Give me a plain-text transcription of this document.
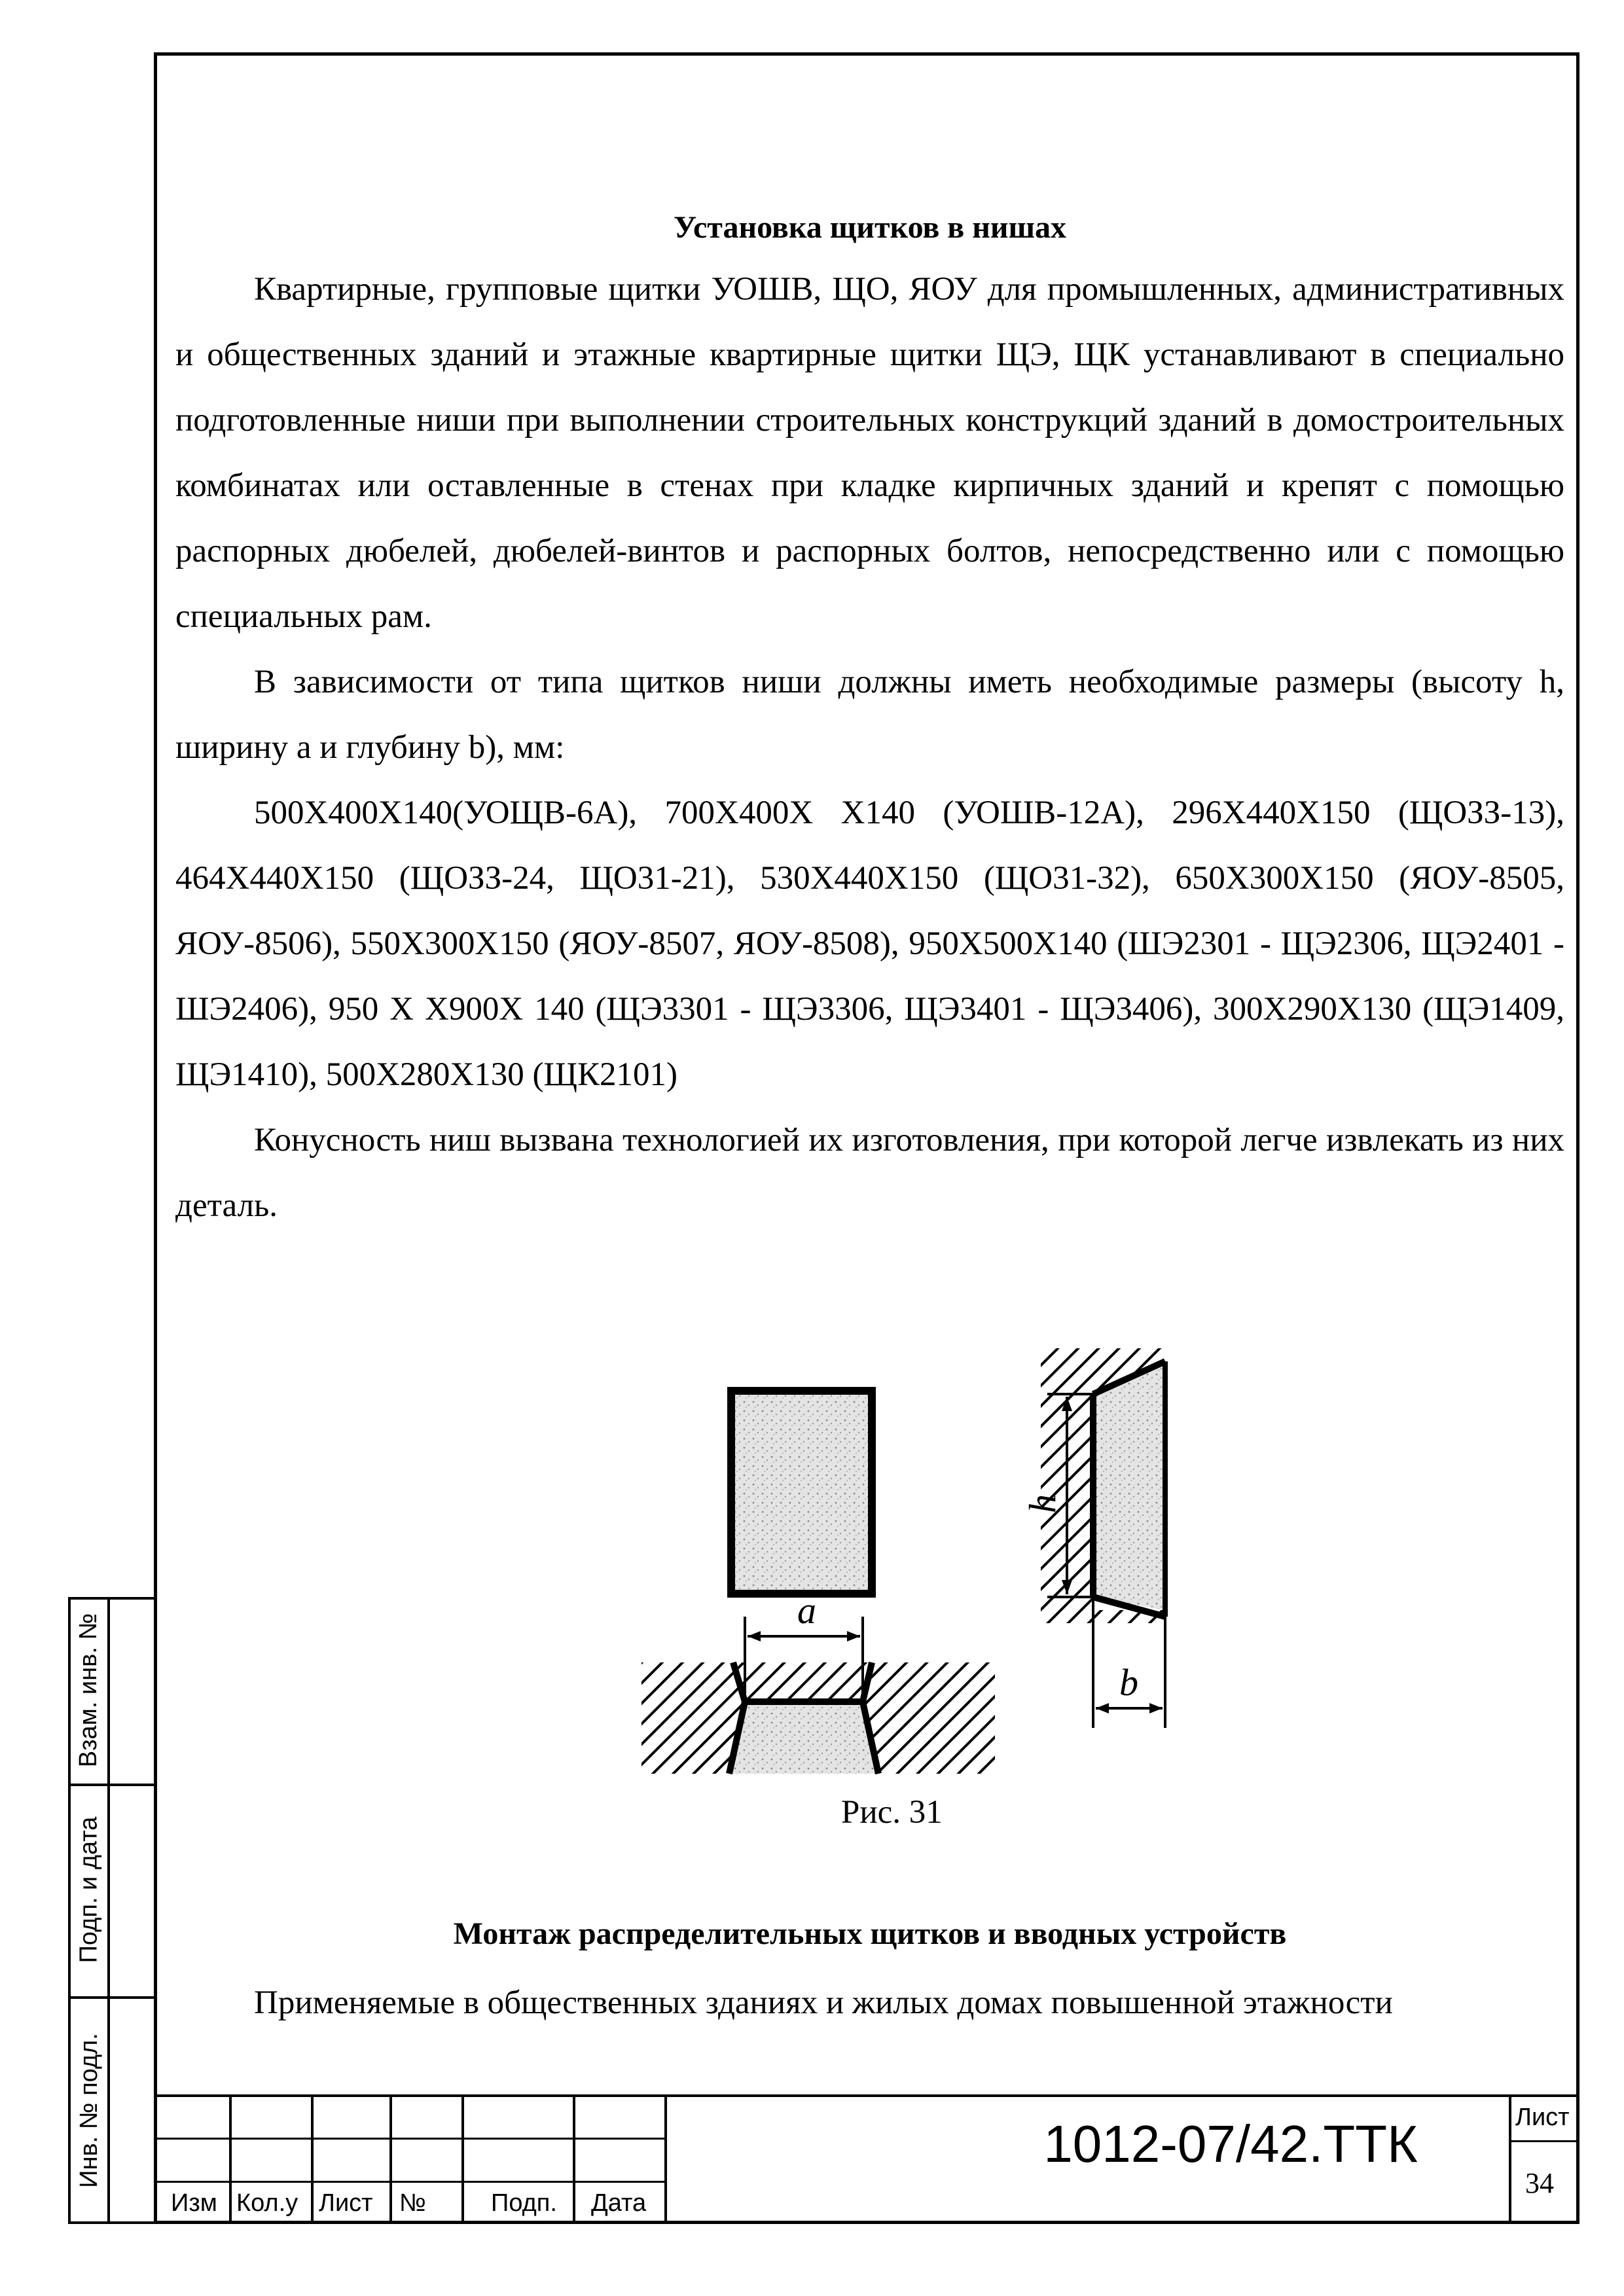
Взам. инв. №
Подп. и дата
Инв. № подл.
Установка щитков в нишах

Квартирные, групповые щитки УОШВ, ЩО, ЯОУ для промышленных, административных и общественных зданий и этажные квартирные щитки ЩЭ, ЩК устанавливают в специально подготовленные ниши при выполнении строительных конструкций зданий в домостроительных комбинатах или оставленные в стенах при кладке кирпичных зданий и крепят с помощью распорных дюбелей, дюбелей-винтов и распорных болтов, непосредственно или с помощью специальных рам.

В зависимости от типа щитков ниши должны иметь необходимые размеры (высоту h, ширину a и глубину b), мм:

500Х400Х140(УОЩВ-6А), 700Х400Х Х140 (УОШВ-12А), 296Х440Х150 (ЩОЗЗ-13), 464Х440Х150 (ЩОЗЗ-24, ЩО31-21), 530Х440Х150 (ЩО31-32), 650Х300Х150 (ЯОУ-8505, ЯОУ-8506), 550Х300Х150 (ЯОУ-8507, ЯОУ-8508), 950Х500Х140 (ШЭ2301 - ЩЭ2306, ЩЭ2401 - ШЭ2406), 950 Х Х900Х 140 (ЩЭ3301 - ЩЭ3306, ЩЭ3401 - ЩЭ3406), 300Х290Х130 (ЩЭ1409, ЩЭ1410), 500Х280Х130 (ЩК2101)

Конусность ниш вызвана технологией их изготовления, при которой легче извлекать из них деталь.

a
h
b
Рис. 31
Монтаж распределительных щитков и вводных устройств
Применяемые в общественных зданиях и жилых домах повышенной этажности
Изм Кол.у Лист №	Подп. Дата
1012-07/42.ТТК	Лист
34
